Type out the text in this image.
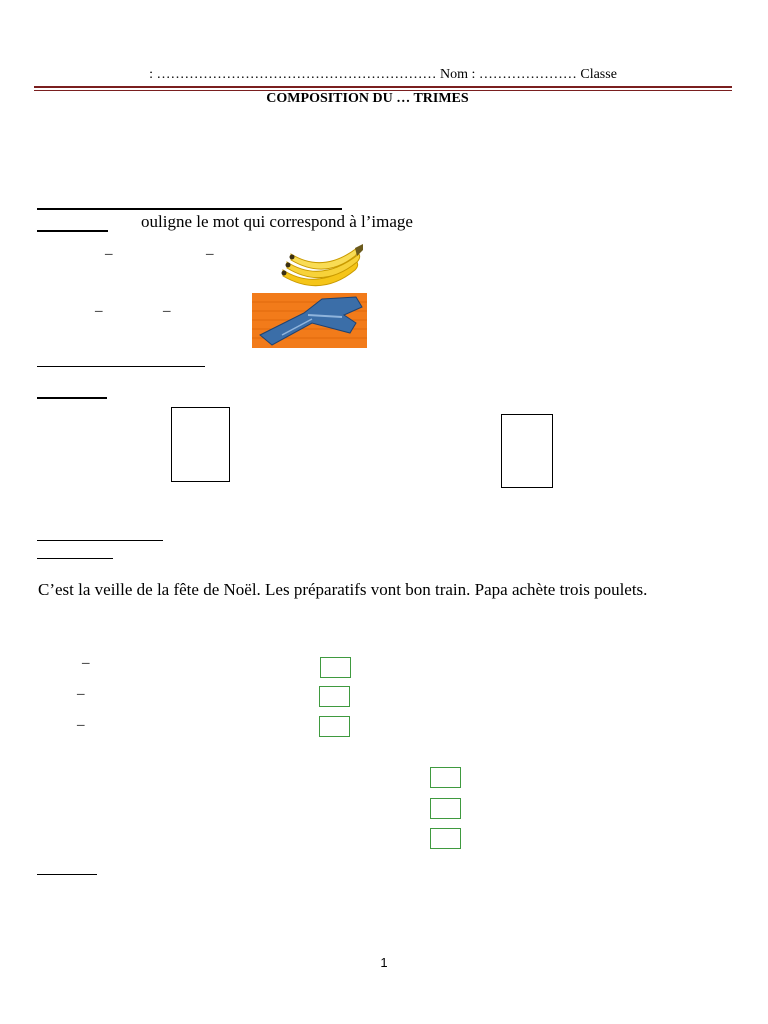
: …………………………………………………… Nom : ………………… Classe
COMPOSITION DU … TRIMES
ouligne le mot qui correspond à l’image
–	–
–	–
C’est la veille de la fête de Noël. Les préparatifs vont bon train. Papa achète trois poulets.
–
–
–
1
